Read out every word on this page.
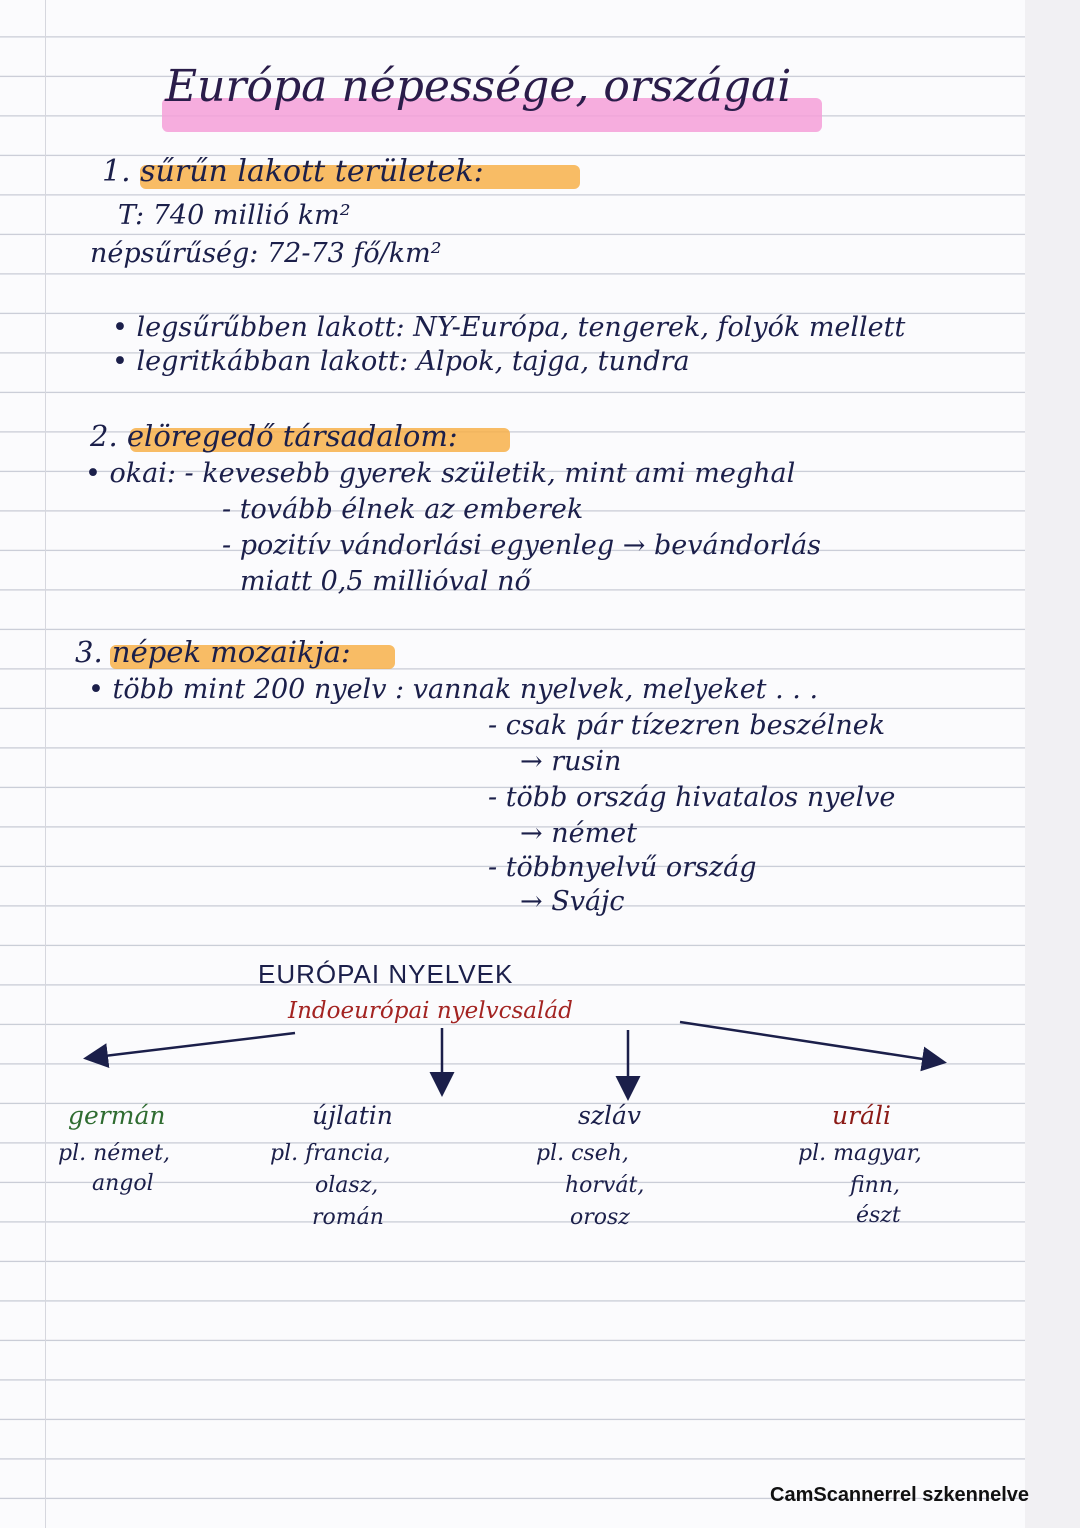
Európa népessége, országai
1. sűrűn lakott területek:
T: 740 millió km²
népsűrűség: 72-73 fő/km²
• legsűrűbben lakott: NY-Európa, tengerek, folyók mellett
• legritkábban lakott: Alpok, tajga, tundra
2. elöregedő társadalom:
• okai: - kevesebb gyerek születik, mint ami meghal
- tovább élnek az emberek
- pozitív vándorlási egyenleg → bevándorlás
miatt 0,5 millióval nő
3. népek mozaikja:
• több mint 200 nyelv : vannak nyelvek, melyeket . . .
- csak pár tízezren beszélnek
→ rusin
- több ország hivatalos nyelve
→ német
- többnyelvű ország
→ Svájc
EURÓPAI NYELVEK
Indoeurópai nyelvcsalád
germán
pl. német,
angol
újlatin
pl. francia,
olasz,
román
szláv
pl. cseh,
horvát,
orosz
uráli
pl. magyar,
finn,
észt
CamScannerrel szkennelve
